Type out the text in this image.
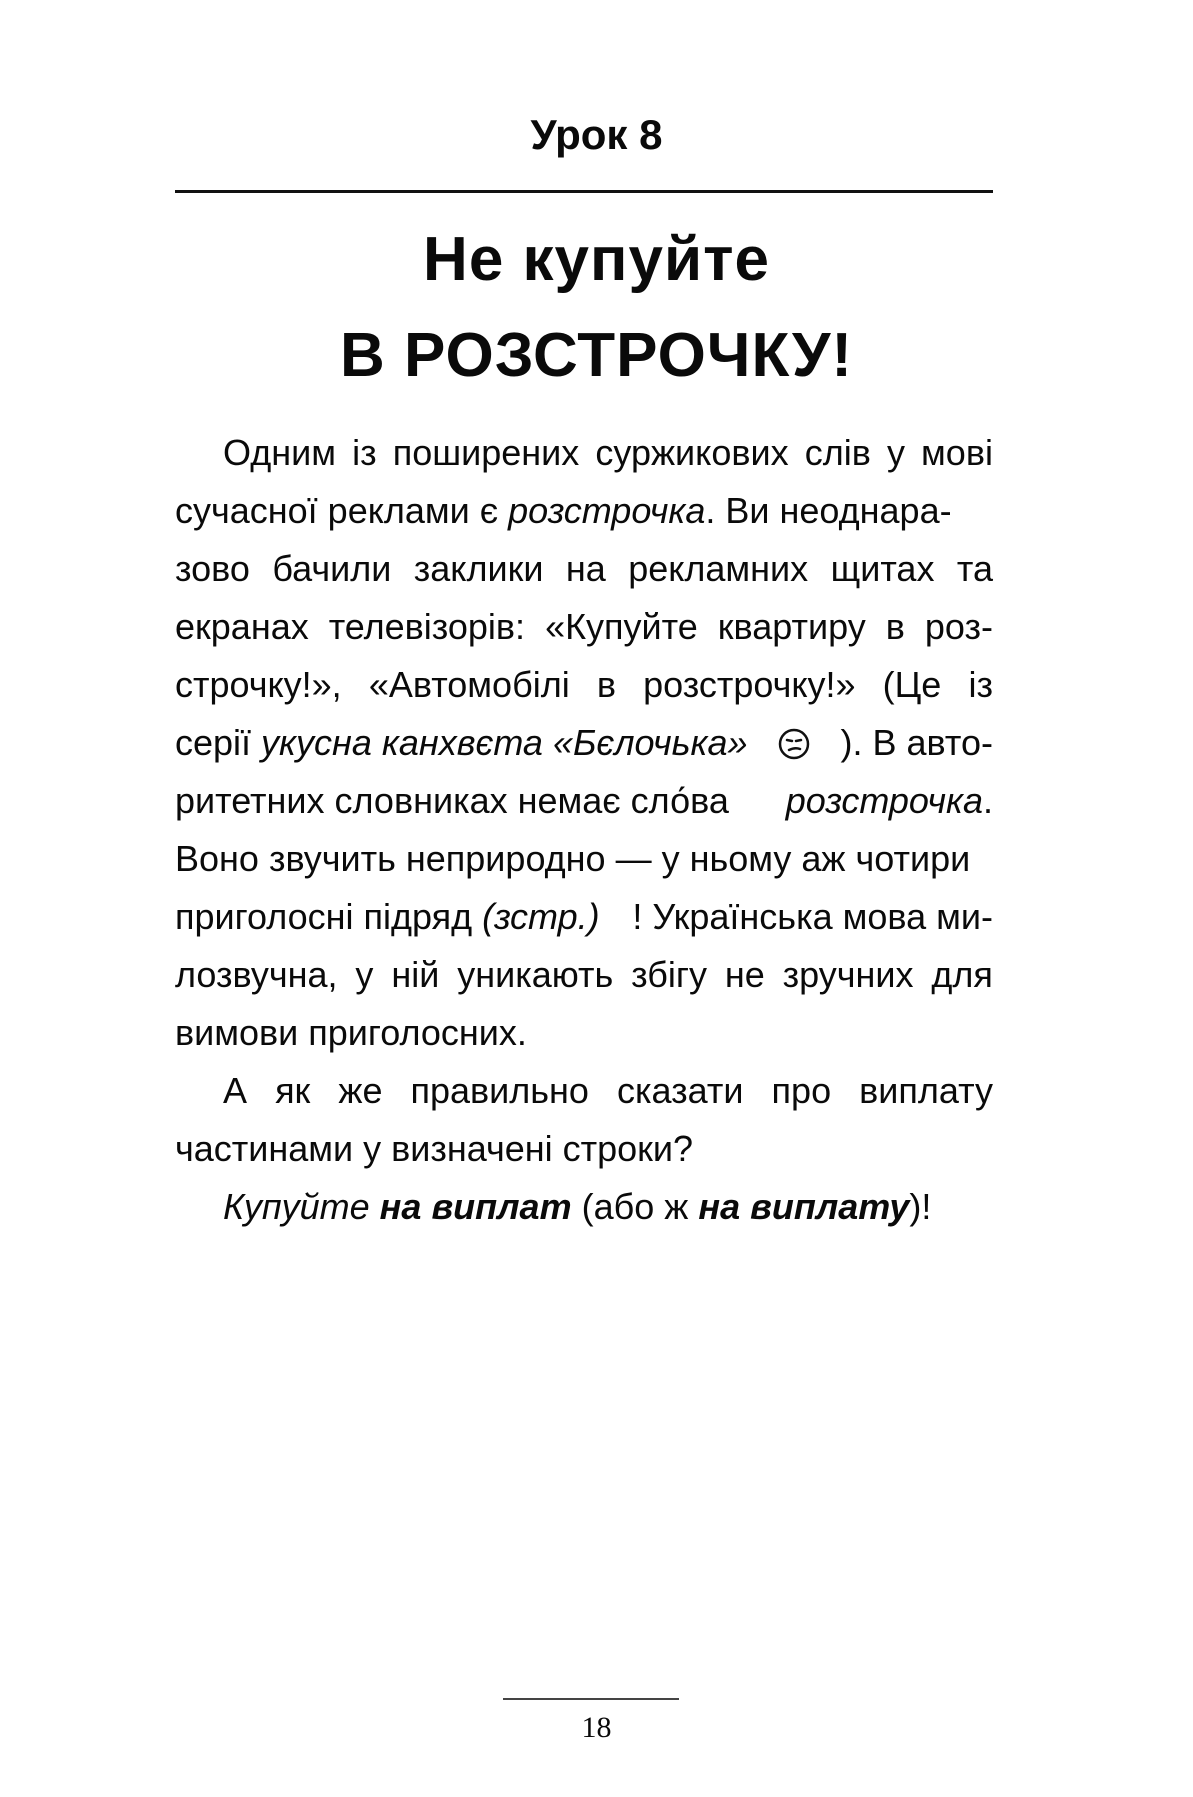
Урок 8
Не купуйте
В РОЗСТРОЧКУ!
Одним із поширених суржикових слів у мові
сучасної реклами є розстрочка. Ви неоднара-
зово бачили заклики на рекламних щитах та
екранах телевізорів: «Купуйте квартиру в роз-
строчку!», «Автомобілі в розстрочку!» (Це із
серії укусна канхвєта «Бєлочька»	). В авто-
ритетних словниках немає сло́ва розстрочка.
Воно звучить неприродно — у ньому аж чотири
приголосні підряд (зстр.) ! Українська мова ми-
лозвучна, у ній уникають збігу не зручних для
вимови приголосних.
А як же правильно сказати про виплату
частинами у визначені строки?
Купуйте на виплат (або ж на виплату)!
18
